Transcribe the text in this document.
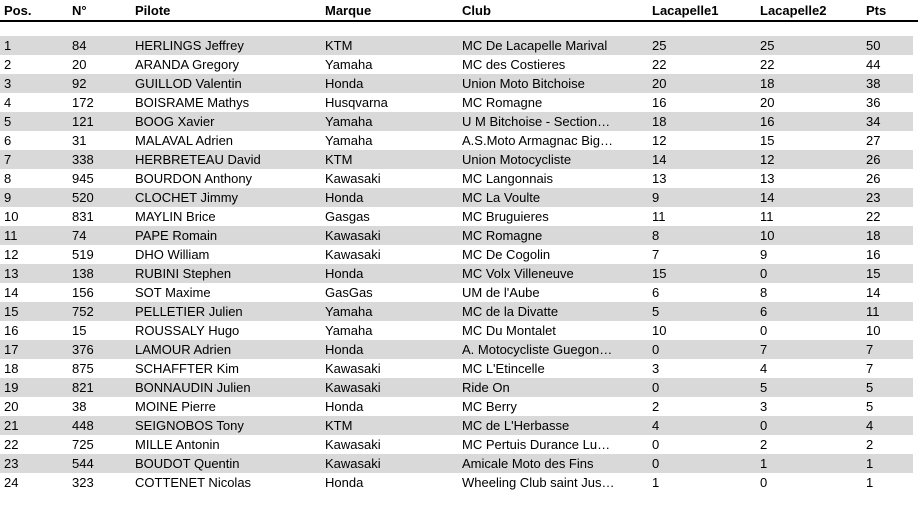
Pos.	N°	Pilote	Marque	Club	Lacapelle1	Lacapelle2	Pts
1	84	HERLINGS Jeffrey	KTM	MC De Lacapelle Marival	25	25	50
2	20	ARANDA Gregory	Yamaha	MC des Costieres	22	22	44
3	92	GUILLOD Valentin	Honda	Union Moto Bitchoise	20	18	38
4	172	BOISRAME Mathys	Husqvarna	MC Romagne	16	20	36
5	121	BOOG Xavier	Yamaha	U M Bitchoise - Section…	18	16	34
6	31	MALAVAL Adrien	Yamaha	A.S.Moto Armagnac Big…	12	15	27
7	338	HERBRETEAU David	KTM	Union Motocycliste	14	12	26
8	945	BOURDON Anthony	Kawasaki	MC Langonnais	13	13	26
9	520	CLOCHET Jimmy	Honda	MC La Voulte	9	14	23
10	831	MAYLIN Brice	Gasgas	MC Bruguieres	11	11	22
11	74	PAPE Romain	Kawasaki	MC Romagne	8	10	18
12	519	DHO William	Kawasaki	MC De Cogolin	7	9	16
13	138	RUBINI Stephen	Honda	MC Volx Villeneuve	15	0	15
14	156	SOT Maxime	GasGas	UM de l'Aube	6	8	14
15	752	PELLETIER Julien	Yamaha	MC de la Divatte	5	6	11
16	15	ROUSSALY Hugo	Yamaha	MC Du Montalet	10	0	10
17	376	LAMOUR Adrien	Honda	A. Motocycliste Guegon…	0	7	7
18	875	SCHAFFTER Kim	Kawasaki	MC L'Etincelle	3	4	7
19	821	BONNAUDIN Julien	Kawasaki	Ride On	0	5	5
20	38	MOINE Pierre	Honda	MC Berry	2	3	5
21	448	SEIGNOBOS Tony	KTM	MC de L'Herbasse	4	0	4
22	725	MILLE Antonin	Kawasaki	MC Pertuis Durance Lu…	0	2	2
23	544	BOUDOT Quentin	Kawasaki	Amicale Moto des Fins	0	1	1
24	323	COTTENET Nicolas	Honda	Wheeling Club saint Jus…	1	0	1
